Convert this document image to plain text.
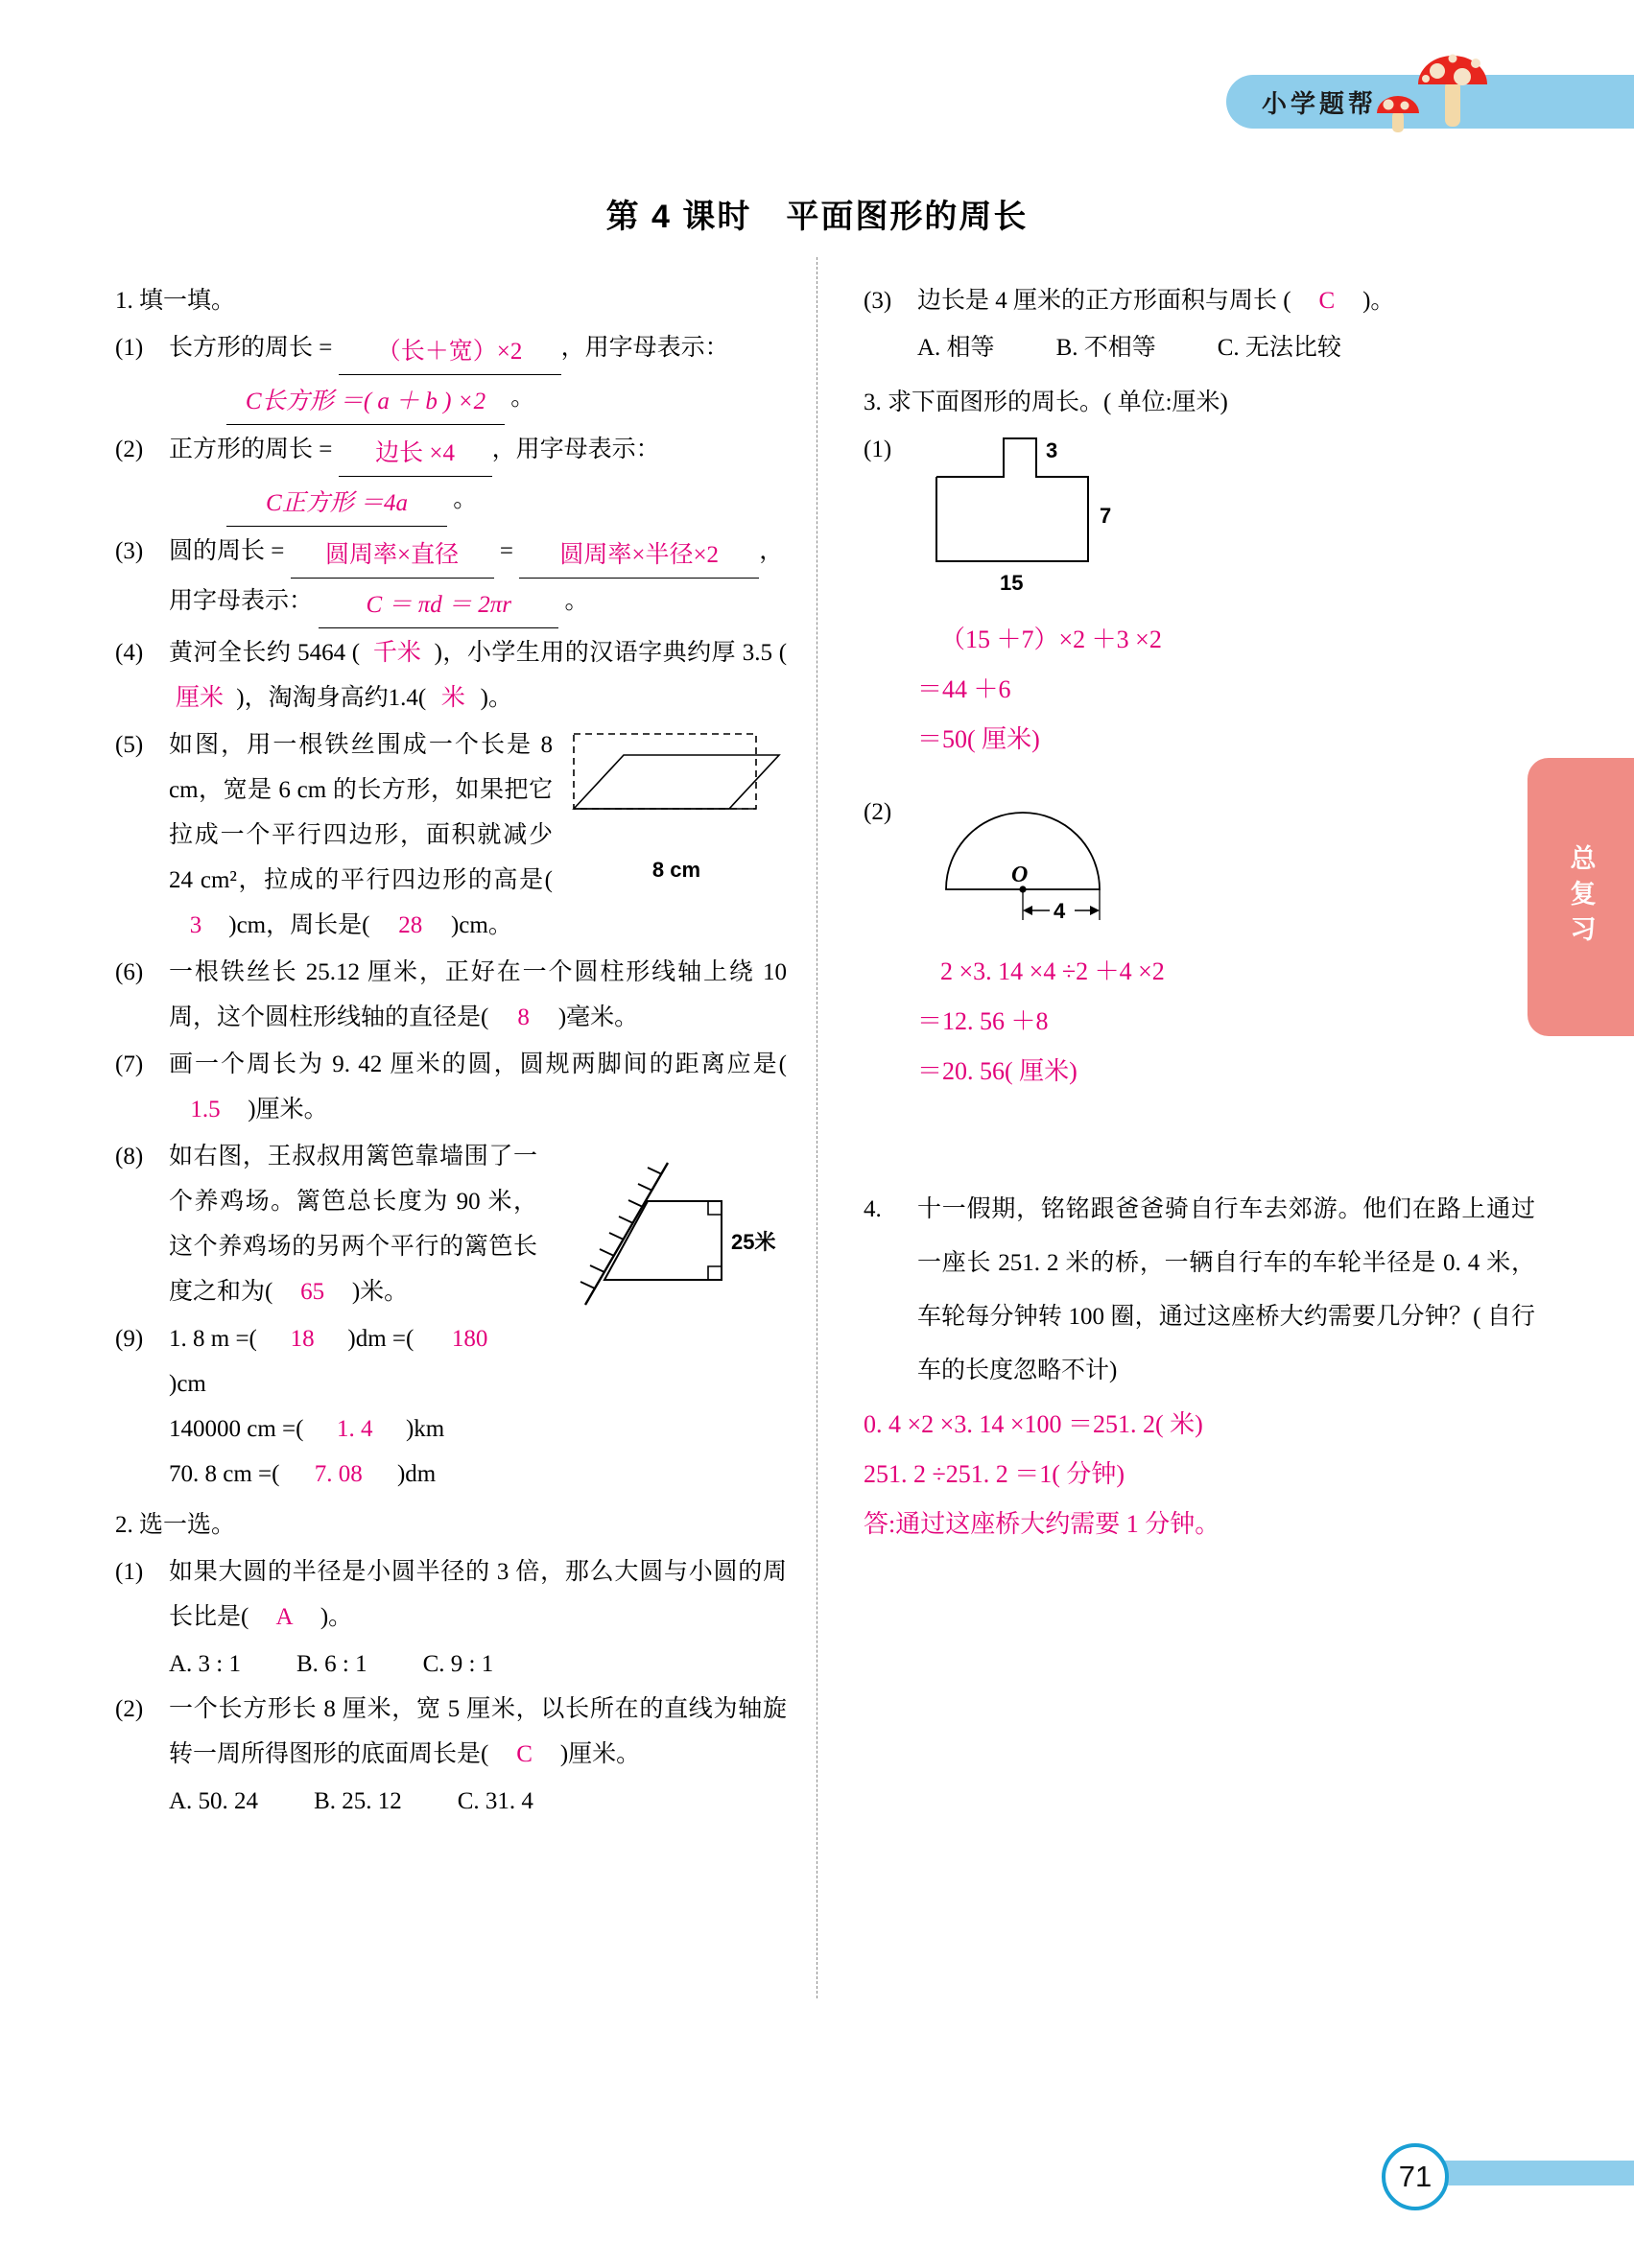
小学题帮
第 4 课时　平面图形的周长
1. 填一填。
(1) 长方形的周长 = （长＋宽）×2 ，用字母表示：
C长方形 ＝( a ＋ b ) ×2 。
(2) 正方形的周长 = 边长 ×4 ，用字母表示：
C正方形 ＝4a 。
(3) 圆的周长 = 圆周率×直径 = 圆周率×半径×2 ，用字母表示： C ＝ πd ＝ 2πr 。
(4) 黄河全长约 5464 ( 千米 )，小学生用的汉语字典约厚 3.5 ( 厘米 )，淘淘身高约1.4( 米 )。
(5)
8 cm
如图，用一根铁丝围成一个长是 8 cm，宽是 6 cm 的长方形，如果把它拉成一个平行四边形，面积就减少 24 cm²，拉成的平行四边形的高是( 3 )cm，周长是( 28 )cm。
(6) 一根铁丝长 25.12 厘米，正好在一个圆柱形线轴上绕 10 周，这个圆柱形线轴的直径是( 8 )毫米。
(7) 画一个周长为 9. 42 厘米的圆，圆规两脚间的距离应是( 1.5 )厘米。
(8)
25米
如右图，王叔叔用篱笆靠墙围了一个养鸡场。篱笆总长度为 90 米，这个养鸡场的另两个平行的篱笆长度之和为( 65 )米。
(9) 1. 8 m =( 18 )dm =( 180 )cm
140000 cm =( 1. 4 )km
70. 8 cm =( 7. 08 )dm
2. 选一选。
(1) 如果大圆的半径是小圆半径的 3 倍，那么大圆与小圆的周长比是( A )。
A. 3 : 1 B. 6 : 1 C. 9 : 1
(2) 一个长方形长 8 厘米，宽 5 厘米，以长所在的直线为轴旋转一周所得图形的底面周长是( C )厘米。
A. 50. 24 B. 25. 12 C. 31. 4
(3) 边长是 4 厘米的正方形面积与周长 ( C )。
A. 相等	B. 不相等	C. 无法比较
3. 求下面图形的周长。( 单位:厘米)
(1)	3
7
15
（15 ＋7）×2 ＋3 ×2
＝44 ＋6
＝50( 厘米)
(2)
O
4
2 ×3. 14 ×4 ÷2 ＋4 ×2
＝12. 56 ＋8
＝20. 56( 厘米)
4. 十一假期，铭铭跟爸爸骑自行车去郊游。他们在路上通过一座长 251. 2 米的桥，一辆自行车的车轮半径是 0. 4 米，车轮每分钟转 100 圈，通过这座桥大约需要几分钟？( 自行车的长度忽略不计)
0. 4 ×2 ×3. 14 ×100 ＝251. 2( 米)
251. 2 ÷251. 2 ＝1( 分钟)
答:通过这座桥大约需要 1 分钟。
总复习
71
